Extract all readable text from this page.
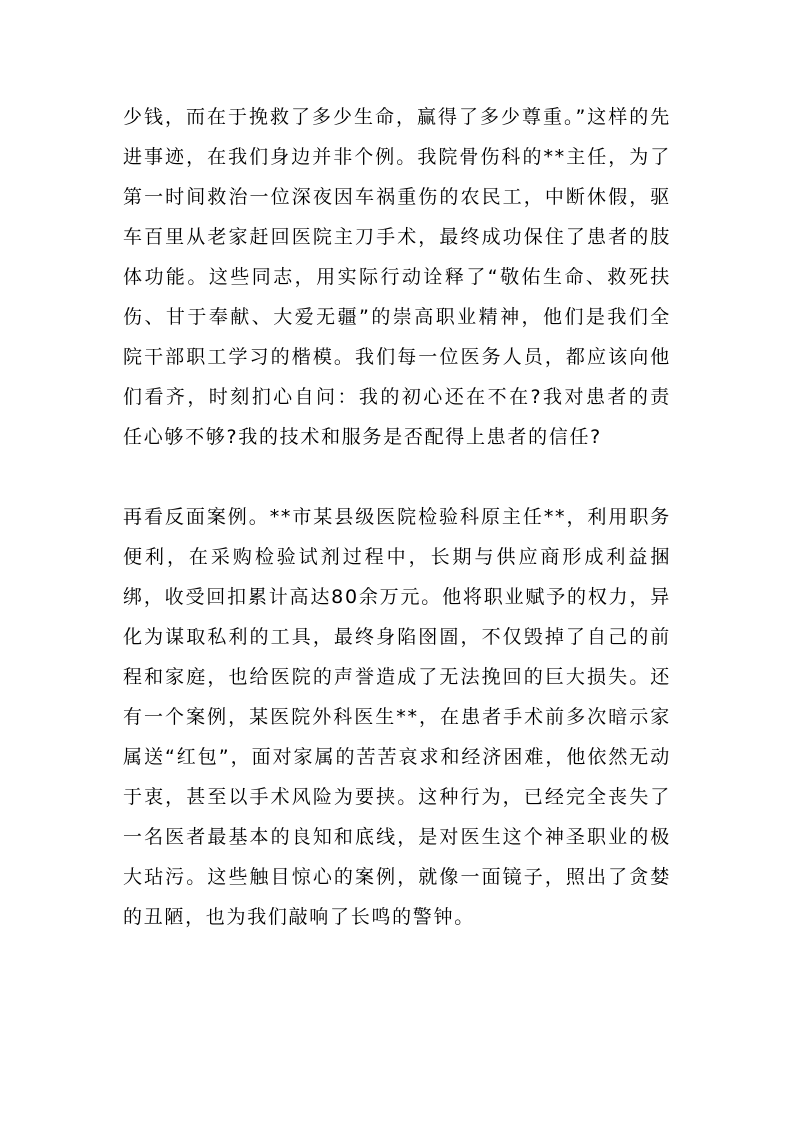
少钱，而在于挽救了多少生命，赢得了多少尊重。”这样的先进事迹，在我们身边并非个例。我院骨伤科的**主任，为了第一时间救治一位深夜因车祸重伤的农民工，中断休假，驱车百里从老家赶回医院主刀手术，最终成功保住了患者的肢体功能。这些同志，用实际行动诠释了“敬佑生命、救死扶伤、甘于奉献、大爱无疆”的崇高职业精神，他们是我们全院干部职工学习的楷模。我们每一位医务人员，都应该向他们看齐，时刻扪心自问：我的初心还在不在?我对患者的责任心够不够?我的技术和服务是否配得上患者的信任?

再看反面案例。**市某县级医院检验科原主任**，利用职务便利，在采购检验试剂过程中，长期与供应商形成利益捆绑，收受回扣累计高达80余万元。他将职业赋予的权力，异化为谋取私利的工具，最终身陷囹圄，不仅毁掉了自己的前程和家庭，也给医院的声誉造成了无法挽回的巨大损失。还有一个案例，某医院外科医生**，在患者手术前多次暗示家属送“红包”，面对家属的苦苦哀求和经济困难，他依然无动于衷，甚至以手术风险为要挟。这种行为，已经完全丧失了一名医者最基本的良知和底线，是对医生这个神圣职业的极大玷污。这些触目惊心的案例，就像一面镜子，照出了贪婪的丑陋，也为我们敲响了长鸣的警钟。
